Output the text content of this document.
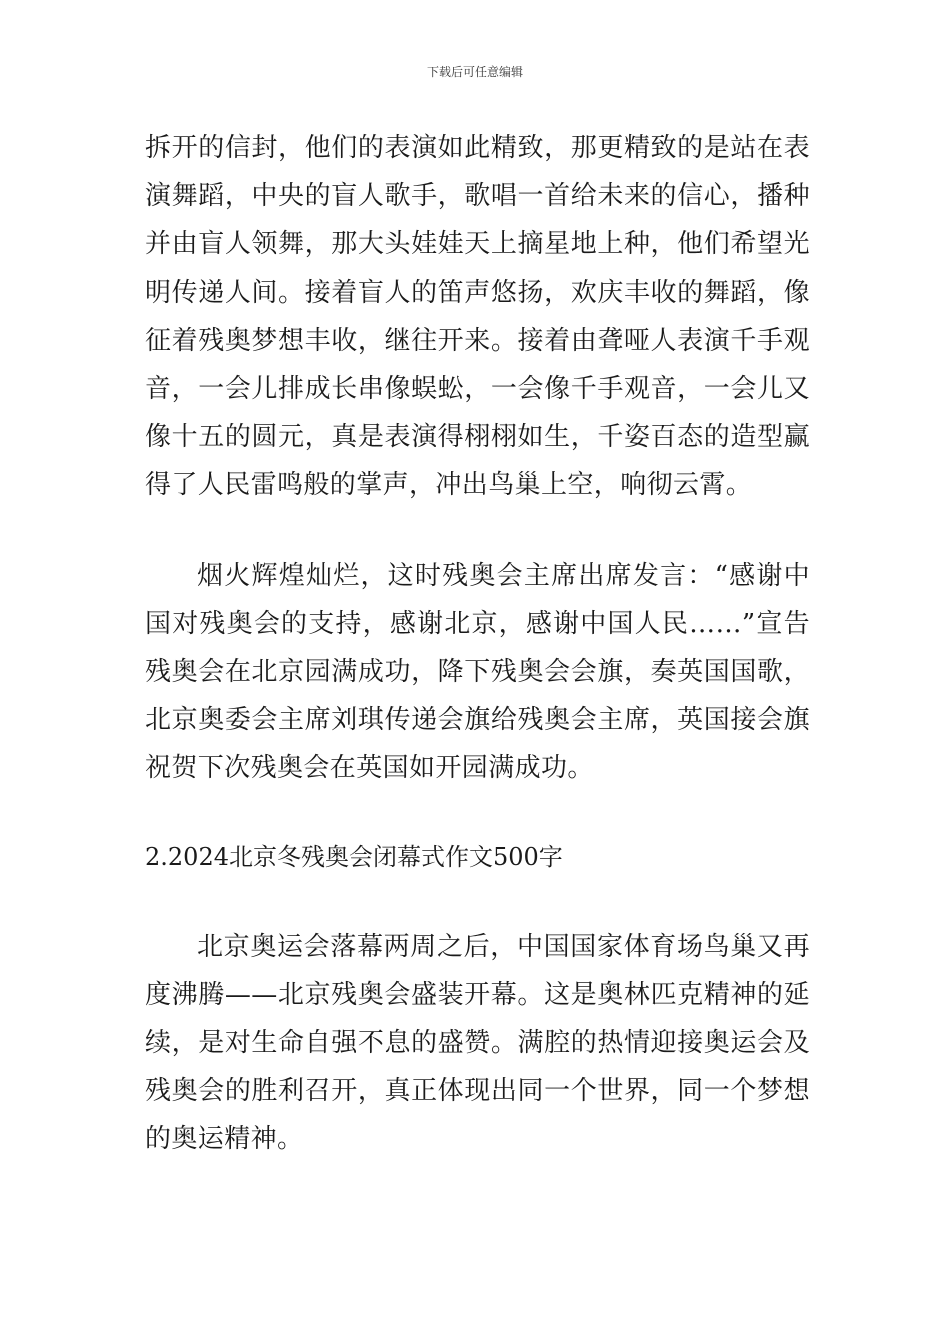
下载后可任意编辑

拆开的信封，他们的表演如此精致，那更精致的是站在表演舞蹈，中央的盲人歌手，歌唱一首给未来的信心，播种并由盲人领舞，那大头娃娃天上摘星地上种，他们希望光明传递人间。接着盲人的笛声悠扬，欢庆丰收的舞蹈，像征着残奥梦想丰收，继往开来。接着由聋哑人表演千手观音，一会儿排成长串像蜈蚣，一会像千手观音，一会儿又像十五的圆元，真是表演得栩栩如生，千姿百态的造型赢得了人民雷鸣般的掌声，冲出鸟巢上空，响彻云霄。

烟火辉煌灿烂，这时残奥会主席出席发言：“感谢中国对残奥会的支持，感谢北京，感谢中国人民……”宣告残奥会在北京园满成功，降下残奥会会旗，奏英国国歌，北京奥委会主席刘琪传递会旗给残奥会主席，英国接会旗祝贺下次残奥会在英国如开园满成功。

2.2024北京冬残奥会闭幕式作文500字

北京奥运会落幕两周之后，中国国家体育场鸟巢又再度沸腾——北京残奥会盛装开幕。这是奥林匹克精神的延续，是对生命自强不息的盛赞。满腔的热情迎接奥运会及残奥会的胜利召开，真正体现出同一个世界，同一个梦想的奥运精神。
